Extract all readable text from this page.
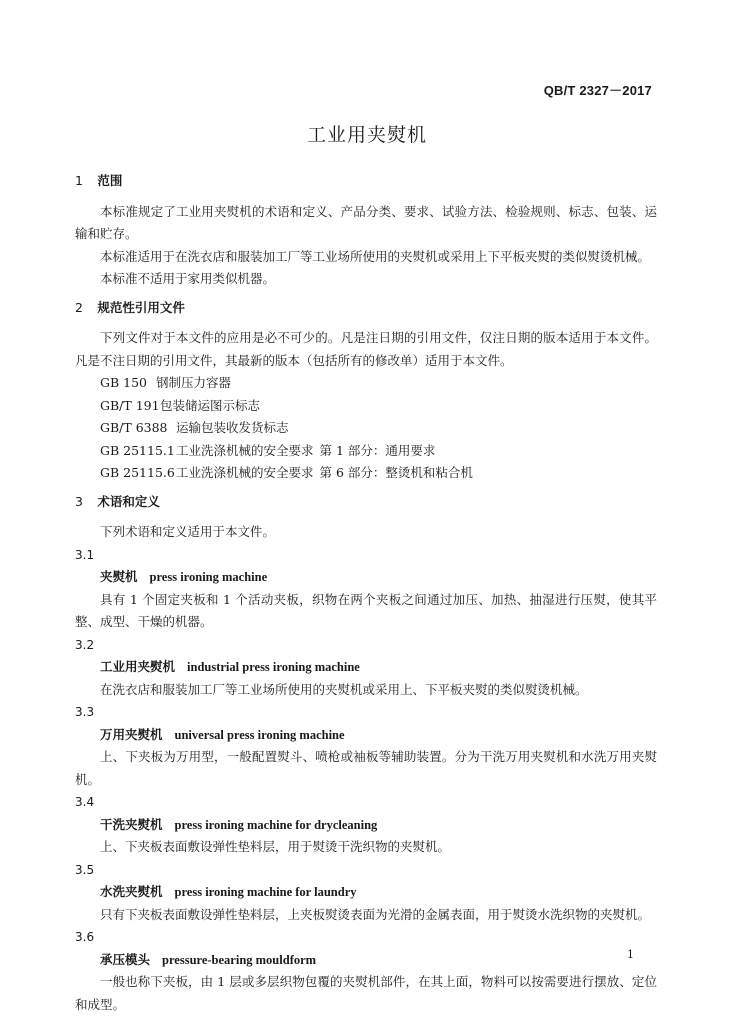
QB/T 2327－2017
工业用夹熨机
1 范围

本标准规定了工业用夹熨机的术语和定义、产品分类、要求、试验方法、检验规则、标志、包装、运输和贮存。

本标准适用于在洗衣店和服装加工厂等工业场所使用的夹熨机或采用上下平板夹熨的类似熨烫机械。

本标准不适用于家用类似机器。

2 规范性引用文件

下列文件对于本文件的应用是必不可少的。凡是注日期的引用文件，仅注日期的版本适用于本文件。凡是不注日期的引用文件，其最新的版本（包括所有的修改单）适用于本文件。

GB 150 钢制压力容器

GB/T 191包装储运图示标志

GB/T 6388 运输包装收发货标志

GB 25115.1工业洗涤机械的安全要求 第 1 部分：通用要求

GB 25115.6工业洗涤机械的安全要求 第 6 部分：整烫机和粘合机

3 术语和定义

下列术语和定义适用于本文件。

3.1

夹熨机 press ironing machine

具有 1 个固定夹板和 1 个活动夹板，织物在两个夹板之间通过加压、加热、抽湿进行压熨，使其平整、成型、干燥的机器。

3.2

工业用夹熨机 industrial press ironing machine

在洗衣店和服装加工厂等工业场所使用的夹熨机或采用上、下平板夹熨的类似熨烫机械。

3.3

万用夹熨机 universal press ironing machine

上、下夹板为万用型，一般配置熨斗、喷枪或袖板等辅助装置。分为干洗万用夹熨机和水洗万用夹熨机。

3.4

干洗夹熨机 press ironing machine for drycleaning

上、下夹板表面敷设弹性垫料层，用于熨烫干洗织物的夹熨机。

3.5

水洗夹熨机 press ironing machine for laundry

只有下夹板表面敷设弹性垫料层，上夹板熨烫表面为光滑的金属表面，用于熨烫水洗织物的夹熨机。

3.6

承压模头 pressure-bearing mouldform

一般也称下夹板，由 1 层或多层织物包覆的夹熨机部件，在其上面，物料可以按需要进行摆放、定位和成型。

1
